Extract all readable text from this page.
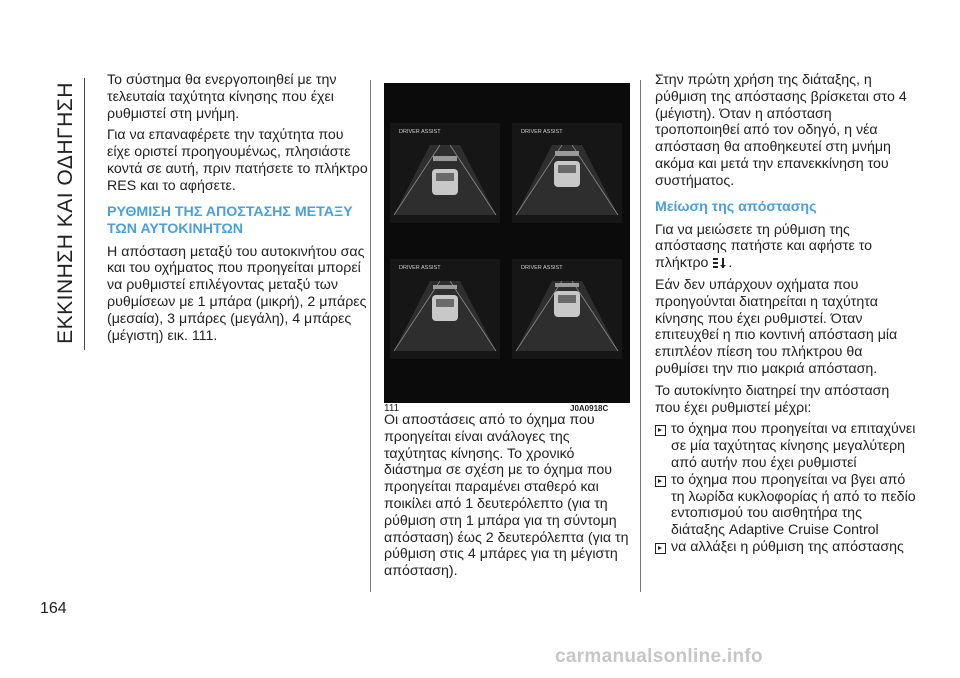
ΕΚΚΙΝΗΣΗ ΚΑΙ ΟΔΗΓΗΣΗ
164

Το σύστημα θα ενεργοποιηθεί με την τελευταία ταχύτητα κίνησης που έχει ρυθμιστεί στη μνήμη.

Για να επαναφέρετε την ταχύτητα που είχε οριστεί προηγουμένως, πλησιάστε κοντά σε αυτή, πριν πατήσετε το πλήκτρο RES και το αφήσετε.

ΡΥΘΜΙΣΗ ΤΗΣ ΑΠΟΣΤΑΣΗΣ ΜΕΤΑΞΥ ΤΩΝ ΑΥΤΟΚΙΝΗΤΩΝ

Η απόσταση μεταξύ του αυτοκινήτου σας και του οχήματος που προηγείται μπορεί να ρυθμιστεί επιλέγοντας μεταξύ των ρυθμίσεων με 1 μπάρα (μικρή), 2 μπάρες (μεσαία), 3 μπάρες (μεγάλη), 4 μπάρες (μέγιστη) εικ. 111.

DRIVER ASSIST	DRIVER ASSIST
DRIVER ASSIST	DRIVER ASSIST
111	J0A0918C

Οι αποστάσεις από το όχημα που προηγείται είναι ανάλογες της ταχύτητας κίνησης. Το χρονικό διάστημα σε σχέση με το όχημα που προηγείται παραμένει σταθερό και ποικίλει από 1 δευτερόλεπτο (για τη ρύθμιση στη 1 μπάρα για τη σύντομη απόσταση) έως 2 δευτερόλεπτα (για τη ρύθμιση στις 4 μπάρες για τη μέγιστη απόσταση).

Στην πρώτη χρήση της διάταξης, η ρύθμιση της απόστασης βρίσκεται στο 4 (μέγιστη). Όταν η απόσταση τροποποιηθεί από τον οδηγό, η νέα απόσταση θα αποθηκευτεί στη μνήμη ακόμα και μετά την επανεκκίνηση του συστήματος.

Μείωση της απόστασης

Για να μειώσετε τη ρύθμιση της απόστασης πατήστε και αφήστε το πλήκτρο .

Εάν δεν υπάρχουν οχήματα που προηγούνται διατηρείται η ταχύτητα κίνησης που έχει ρυθμιστεί. Όταν επιτευχθεί η πιο κοντινή απόσταση μία επιπλέον πίεση του πλήκτρου θα ρυθμίσει την πιο μακριά απόσταση.

Το αυτοκίνητο διατηρεί την απόσταση που έχει ρυθμιστεί μέχρι:

το όχημα που προηγείται να επιταχύνει σε μία ταχύτητας κίνησης μεγαλύτερη από αυτήν που έχει ρυθμιστεί
το όχημα που προηγείται να βγει από τη λωρίδα κυκλοφορίας ή από το πεδίο εντοπισμού του αισθητήρα της διάταξης Adaptive Cruise Control
να αλλάξει η ρύθμιση της απόστασης
carmanualsonline.info
